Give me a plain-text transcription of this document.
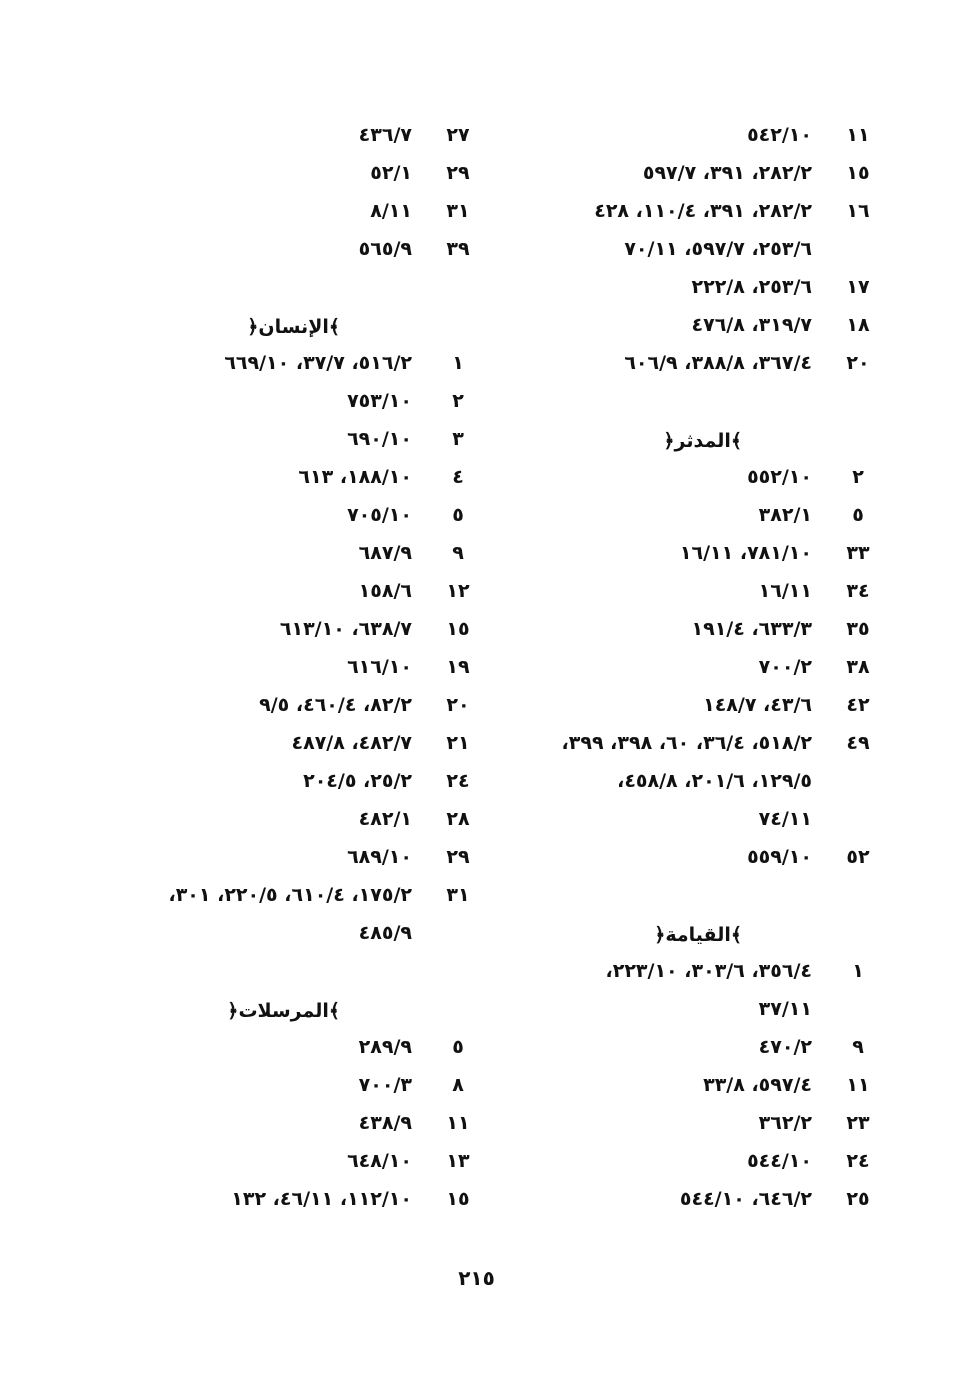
١١
٥٤٢/١٠
١٥
٢٨٢/٢، ٣٩١، ٥٩٧/٧
١٦
٢٨٢/٢، ٣٩١، ١١٠/٤، ٤٢٨
٢٥٣/٦، ٥٩٧/٧، ٧٠/١١
١٧
٢٥٣/٦، ٢٢٢/٨
١٨
٣١٩/٧، ٤٧٦/٨
٢٠
٣٦٧/٤، ٣٨٨/٨، ٦٠٦/٩
﴿المدثر﴾
٢
٥٥٢/١٠
٥
٣٨٢/١
٣٣
٧٨١/١٠، ١٦/١١
٣٤
١٦/١١
٣٥
٦٣٣/٣، ١٩١/٤
٣٨
٧٠٠/٢
٤٢
٤٣/٦، ١٤٨/٧
٤٩
٥١٨/٢، ٣٦/٤، ٦٠، ٣٩٨، ٣٩٩،
١٢٩/٥، ٢٠١/٦، ٤٥٨/٨،
٧٤/١١
٥٢
٥٥٩/١٠
﴿القيامة﴾
١
٣٥٦/٤، ٣٠٣/٦، ٢٢٣/١٠،
٣٧/١١
٩
٤٧٠/٢
١١
٥٩٧/٤، ٣٣/٨
٢٣
٣٦٢/٢
٢٤
٥٤٤/١٠
٢٥
٦٤٦/٢، ٥٤٤/١٠
٢٧
٤٣٦/٧
٢٩
٥٢/١
٣١
٨/١١
٣٩
٥٦٥/٩
﴿الإنسان﴾
١
٥١٦/٢، ٣٧/٧، ٦٦٩/١٠
٢
٧٥٣/١٠
٣
٦٩٠/١٠
٤
١٨٨/١٠، ٦١٣
٥
٧٠٥/١٠
٩
٦٨٧/٩
١٢
١٥٨/٦
١٥
٦٣٨/٧، ٦١٣/١٠
١٩
٦١٦/١٠
٢٠
٨٢/٢، ٤٦٠/٤، ٩/٥
٢١
٤٨٢/٧، ٤٨٧/٨
٢٤
٢٥/٢، ٢٠٤/٥
٢٨
٤٨٢/١
٢٩
٦٨٩/١٠
٣١
١٧٥/٢، ٦١٠/٤، ٢٢٠/٥، ٣٠١،
٤٨٥/٩
﴿المرسلات﴾
٥
٢٨٩/٩
٨
٧٠٠/٣
١١
٤٣٨/٩
١٣
٦٤٨/١٠
١٥
١١٢/١٠، ٤٦/١١، ١٣٢
٢١٥
